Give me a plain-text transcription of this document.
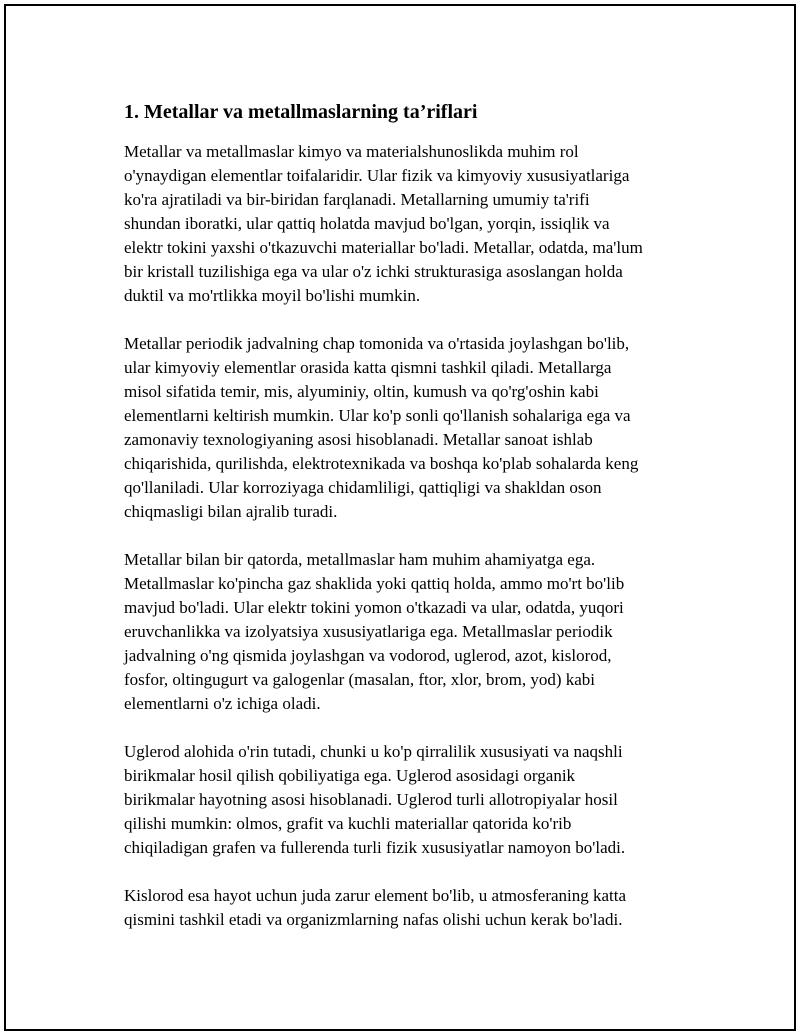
1. Metallar va metallmaslarning ta’riflari

Metallar va metallmaslar kimyo va materialshunoslikda muhim rol
o'ynaydigan elementlar toifalaridir. Ular fizik va kimyoviy xususiyatlariga
ko'ra ajratiladi va bir-biridan farqlanadi. Metallarning umumiy ta'rifi
shundan iboratki, ular qattiq holatda mavjud bo'lgan, yorqin, issiqlik va
elektr tokini yaxshi o'tkazuvchi materiallar bo'ladi. Metallar, odatda, ma'lum
bir kristall tuzilishiga ega va ular o'z ichki strukturasiga asoslangan holda
duktil va mo'rtlikka moyil bo'lishi mumkin.

Metallar periodik jadvalning chap tomonida va o'rtasida joylashgan bo'lib,
ular kimyoviy elementlar orasida katta qismni tashkil qiladi. Metallarga
misol sifatida temir, mis, alyuminiy, oltin, kumush va qo'rg'oshin kabi
elementlarni keltirish mumkin. Ular ko'p sonli qo'llanish sohalariga ega va
zamonaviy texnologiyaning asosi hisoblanadi. Metallar sanoat ishlab
chiqarishida, qurilishda, elektrotexnikada va boshqa ko'plab sohalarda keng
qo'llaniladi. Ular korroziyaga chidamliligi, qattiqligi va shakldan oson
chiqmasligi bilan ajralib turadi.

Metallar bilan bir qatorda, metallmaslar ham muhim ahamiyatga ega.
Metallmaslar ko'pincha gaz shaklida yoki qattiq holda, ammo mo'rt bo'lib
mavjud bo'ladi. Ular elektr tokini yomon o'tkazadi va ular, odatda, yuqori
eruvchanlikka va izolyatsiya xususiyatlariga ega. Metallmaslar periodik
jadvalning o'ng qismida joylashgan va vodorod, uglerod, azot, kislorod,
fosfor, oltingugurt va galogenlar (masalan, ftor, xlor, brom, yod) kabi
elementlarni o'z ichiga oladi.

Uglerod alohida o'rin tutadi, chunki u ko'p qirralilik xususiyati va naqshli
birikmalar hosil qilish qobiliyatiga ega. Uglerod asosidagi organik
birikmalar hayotning asosi hisoblanadi. Uglerod turli allotropiyalar hosil
qilishi mumkin: olmos, grafit va kuchli materiallar qatorida ko'rib
chiqiladigan grafen va fullerenda turli fizik xususiyatlar namoyon bo'ladi.

Kislorod esa hayot uchun juda zarur element bo'lib, u atmosferaning katta
qismini tashkil etadi va organizmlarning nafas olishi uchun kerak bo'ladi.
